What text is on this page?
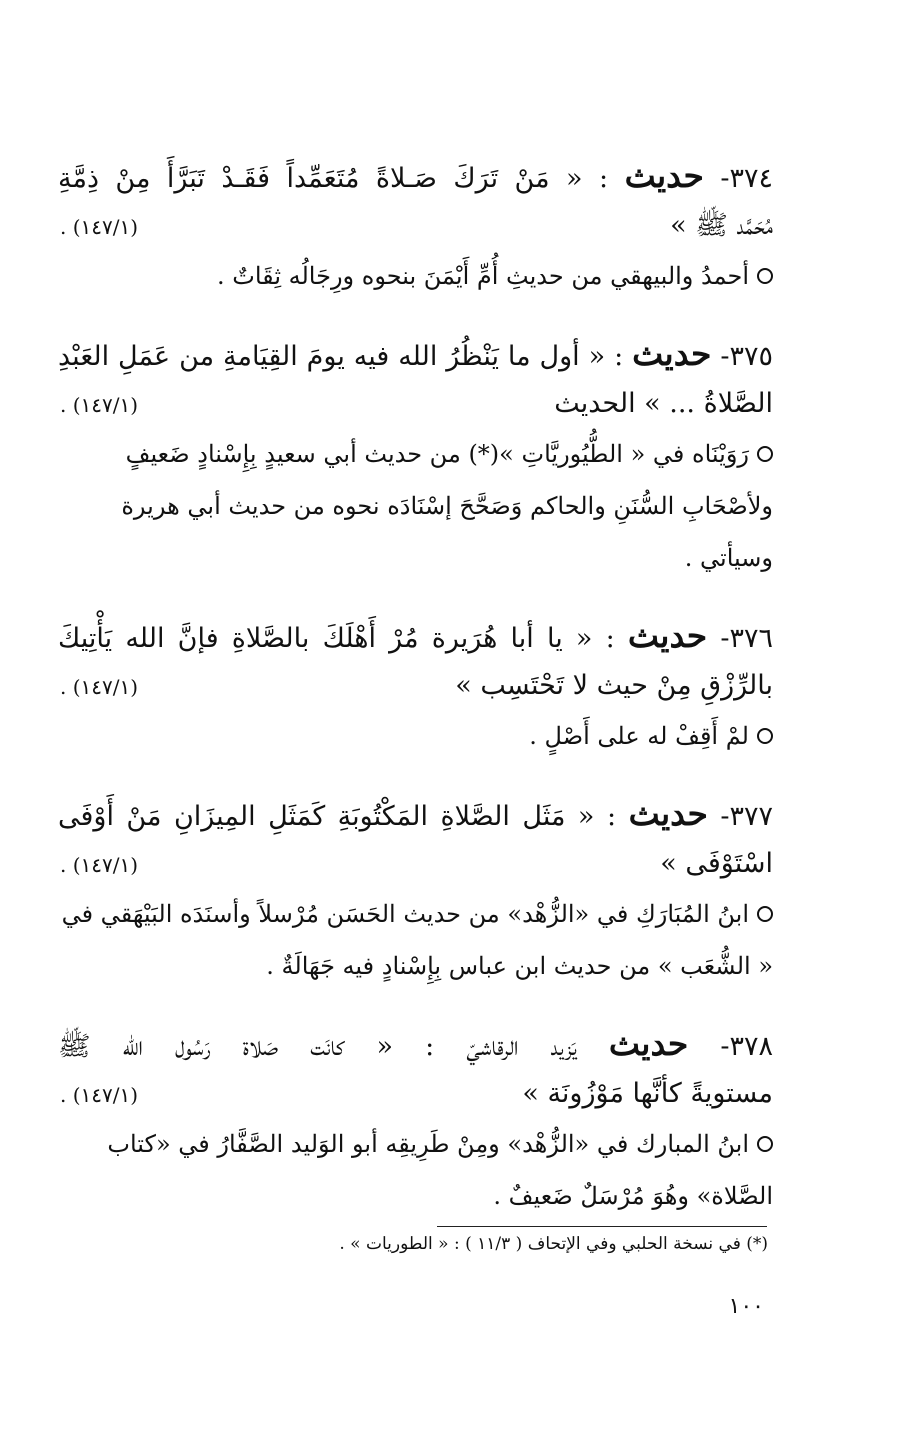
٣٧٤- حديث : « مَنْ تَرَكَ صَـلاةً مُتَعَمِّداً فَقَـدْ تَبَرَّأَ مِنْ ذِمَّةِ
مُحَمَّد ﷺ »
(١٤٧/١) .
أحمدُ والبيهقي من حديثِ أُمِّ أَيْمَنَ بنحوه ورِجَالُه ثِقَاتٌ .
٣٧٥- حديث : « أول ما يَنْظُرُ الله فيه يومَ القِيَامةِ من عَمَلِ العَبْدِ
الصَّلاةُ ... » الحديث
(١٤٧/١) .
رَوَيْنَاه في « الطُّيُوريَّاتِ »(*) من حديث أبي سعيدٍ بِإِسْنادٍ ضَعيفٍ ولأصْحَابِ السُّنَنِ والحاكم وَصَحَّحَ إسْنَادَه نحوه من حديث أبي هريرة وسيأتي .
٣٧٦- حديث : « يا أبا هُرَيرة مُرْ أَهْلَكَ بالصَّلاةِ فإنَّ الله يَأْتِيكَ
بالرِّزْقِ مِنْ حيث لا تَحْتَسِب »
(١٤٧/١) .
لمْ أَقِفْ له على أَصْلٍ .
٣٧٧- حديث : « مَثَل الصَّلاةِ المَكْتُوبَةِ كَمَثَلِ المِيزَانِ مَنْ أَوْفَى
اسْتَوْفَى »
(١٤٧/١) .
ابنُ المُبَارَكِ في «الزُّهْد» من حديث الحَسَن مُرْسلاً وأسنَدَه البَيْهَقي في « الشُّعَب » من حديث ابن عباس بِإِسْنادٍ فيه جَهَالَةٌ .
٣٧٨- حديث يَزيد الرقاشيّ : « كانَت صَلاة رَسُول الله ﷺ
مستويةً كأنَّها مَوْزُونَة »
(١٤٧/١) .
ابنُ المبارك في «الزُّهْد» ومِنْ طَرِيقِه أبو الوَليد الصَّفَّارُ في «كتاب الصَّلاة» وهُوَ مُرْسَلٌ ضَعيفٌ .
(*) في نسخة الحلبي وفي الإتحاف ( ١١/٣ ) : « الطوريات » .
١٠٠
